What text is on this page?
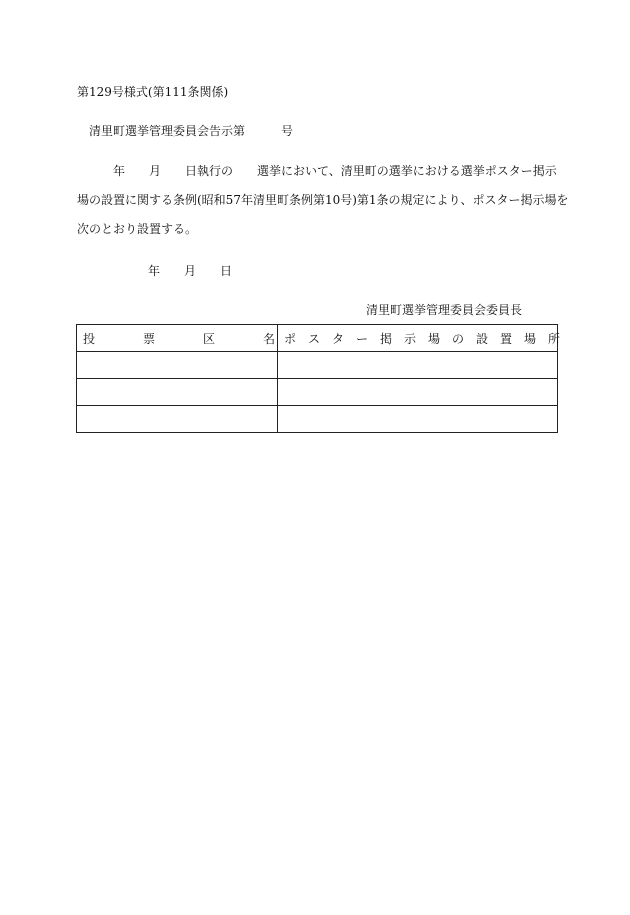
第129号様式(第111条関係)

清里町選挙管理委員会告示第　　　号

　　　年　　月　　日執行の　　選挙において、清里町の選挙における選挙ポスター掲示

場の設置に関する条例(昭和57年清里町条例第10号)第1条の規定により、ポスター掲示場を

次のとおり設置する。

年　　月　　日

清里町選挙管理委員会委員長

投　　　　票　　　　区　　　　名	ポ　ス　タ　ー　掲　示　場　の　設　置　場　所
